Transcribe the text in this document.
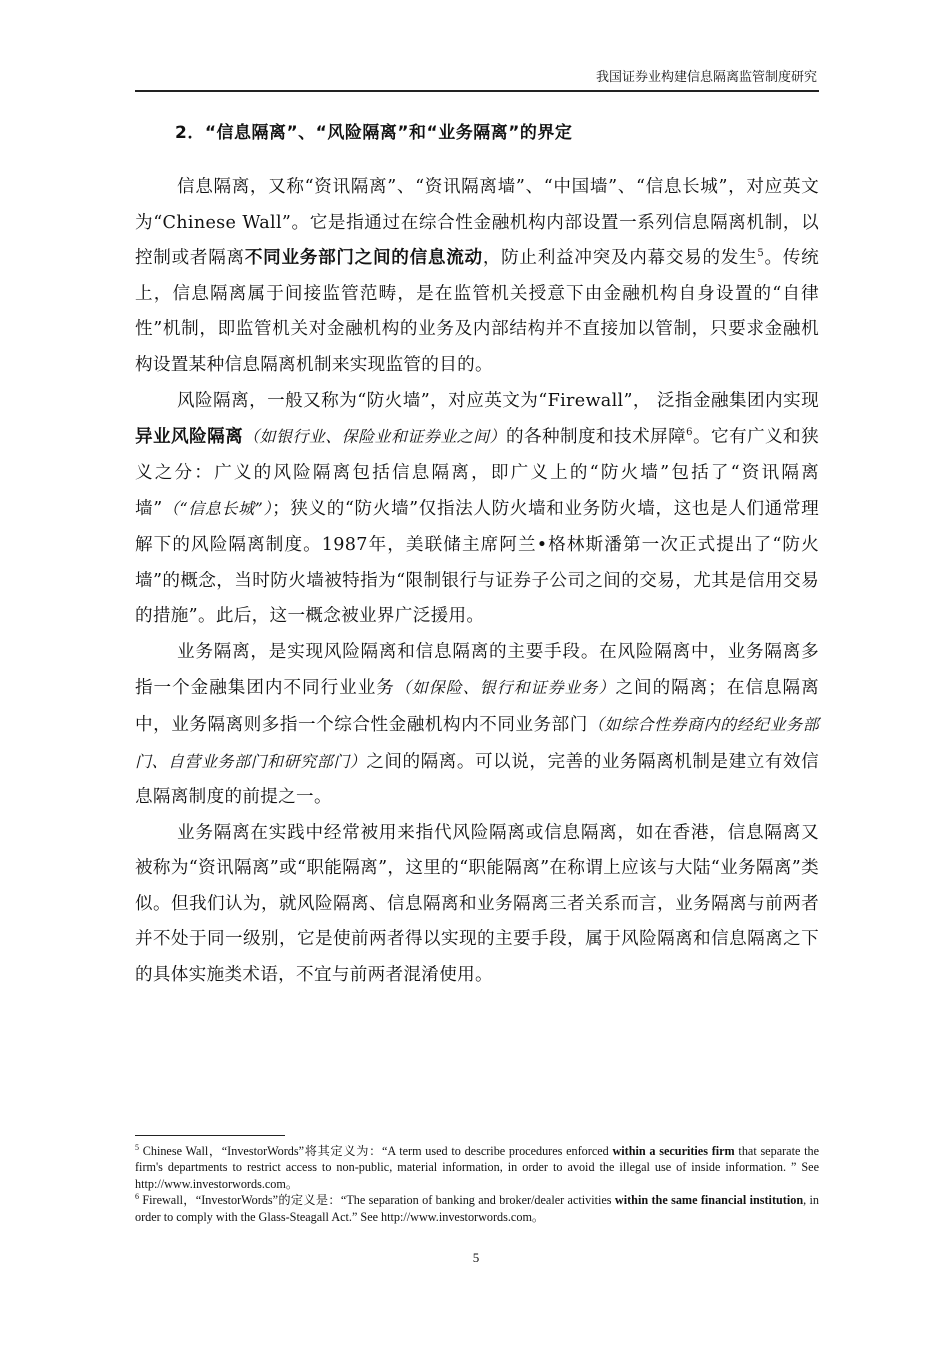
我国证券业构建信息隔离监管制度研究
2．“信息隔离”、“风险隔离”和“业务隔离”的界定

信息隔离，又称“资讯隔离”、“资讯隔离墙”、“中国墙”、“信息长城”，对应英文为“Chinese Wall”。它是指通过在综合性金融机构内部设置一系列信息隔离机制，以控制或者隔离不同业务部门之间的信息流动，防止利益冲突及内幕交易的发生$^5$。传统上，信息隔离属于间接监管范畴，是在监管机关授意下由金融机构自身设置的“自律性”机制，即监管机关对金融机构的业务及内部结构并不直接加以管制，只要求金融机构设置某种信息隔离机制来实现监管的目的。

风险隔离，一般又称为“防火墙”，对应英文为“Firewall”， 泛指金融集团内实现异业风险隔离（如银行业、保险业和证券业之间）的各种制度和技术屏障$^6$。它有广义和狭义之分：广义的风险隔离包括信息隔离，即广义上的“防火墙”包括了“资讯隔离墙”（“信息长城”）；狭义的“防火墙”仅指法人防火墙和业务防火墙，这也是人们通常理解下的风险隔离制度。1987年，美联储主席阿兰•格林斯潘第一次正式提出了“防火墙”的概念，当时防火墙被特指为“限制银行与证券子公司之间的交易，尤其是信用交易的措施”。此后，这一概念被业界广泛援用。

业务隔离，是实现风险隔离和信息隔离的主要手段。在风险隔离中，业务隔离多指一个金融集团内不同行业业务（如保险、银行和证券业务）之间的隔离；在信息隔离中，业务隔离则多指一个综合性金融机构内不同业务部门（如综合性券商内的经纪业务部门、自营业务部门和研究部门）之间的隔离。可以说，完善的业务隔离机制是建立有效信息隔离制度的前提之一。

业务隔离在实践中经常被用来指代风险隔离或信息隔离，如在香港，信息隔离又被称为“资讯隔离”或“职能隔离”，这里的“职能隔离”在称谓上应该与大陆“业务隔离”类似。但我们认为，就风险隔离、信息隔离和业务隔离三者关系而言，业务隔离与前两者并不处于同一级别，它是使前两者得以实现的主要手段，属于风险隔离和信息隔离之下的具体实施类术语，不宜与前两者混淆使用。

$^5$ Chinese Wall，“InvestorWords”将其定义为：“A term used to describe procedures enforced within a securities firm that separate the firm's departments to restrict access to non-public, material information, in order to avoid the illegal use of inside information. ” See http://www.investorwords.com。

$^6$ Firewall，“InvestorWords”的定义是：“The separation of banking and broker/dealer activities within the same financial institution, in order to comply with the Glass-Steagall Act.” See http://www.investorwords.com。

5
